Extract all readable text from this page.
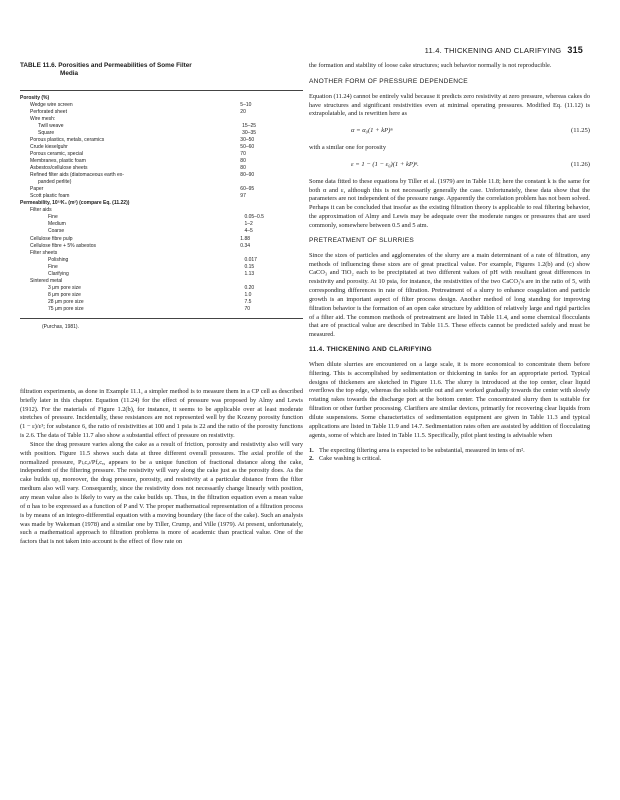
11.4. THICKENING AND CLARIFYING 315
TABLE 11.6. Porosities and Permeabilities of Some Filter
Media
Porosity (%)
Wedge wire screen	5–10
Perforated sheet	20
Wire mesh:
Twill weave	15–25
Square	30–35
Porous plastics, metals, ceramics	30–50
Crude kieselguhr	50–60
Porous ceramic, special	70
Membranes, plastic foam	80
Asbestos/cellulose sheets	80
Refined filter aids (diatomaceous earth ex-	80–90
panded perlite)
Paper	60–95
Scott plastic foam	97
Permeability, 10¹²K₀ (m²) (compare Eq. (11.22))
Filter aids
Fine	0.05–0.5
Medium	1–2
Coarse	4–5
Cellulose fibre pulp	1.88
Cellulose fibre + 5% asbestos	0.34
Filter sheets
Polishing	0.017
Fine	0.15
Clarifying	1.13
Sintered metal
3 μm pore size	0.20
8 μm pore size	1.0
28 μm pore size	7.5
75 μm pore size	70
(Purchas, 1981).

filtration experiments, as done in Example 11.1, a simpler method is to measure them in a CP cell as described briefly later in this chapter. Equation (11.24) for the effect of pressure was proposed by Almy and Lewis (1912). For the materials of Figure 1.2(b), for instance, it seems to be applicable over at least moderate stretches of pressure. Incidentally, these resistances are not represented well by the Kozeny porosity function (1 − ε)/ε³; for substance 6, the ratio of resistivities at 100 and 1 psia is 22 and the ratio of the porosity functions is 2.6. The data of Table 11.7 also show a substantial effect of pressure on resistivity.

Since the drag pressure varies along the cake as a result of friction, porosity and resistivity also will vary with position. Figure 11.5 shows such data at three different overall pressures. The axial profile of the normalized pressure, Pₗₒcₐₗ/Pfₐcₑ, appears to be a unique function of fractional distance along the cake, independent of the filtering pressure. The resistivity will vary along the cake just as the porosity does. As the cake builds up, moreover, the drag pressure, porosity, and resistivity at a particular distance from the filter medium also will vary. Consequently, since the resistivity does not necessarily change linearly with position, any mean value also is likely to vary as the cake builds up. Thus, in the filtration equation even a mean value of α has to be expressed as a function of P and V. The proper mathematical representation of a filtration process is by means of an integro-differential equation with a moving boundary (the face of the cake). Such an analysis was made by Wakeman (1978) and a similar one by Tiller, Crump, and Ville (1979). At present, unfortunately, such a mathematical approach to filtration problems is more of academic than practical value. One of the factors that is not taken into account is the effect of flow rate on

the formation and stability of loose cake structures; such behavior normally is not reproducible.

ANOTHER FORM OF PRESSURE DEPENDENCE

Equation (11.24) cannot be entirely valid because it predicts zero resistivity at zero pressure, whereas cakes do have structures and significant resistivities even at minimal operating pressures. Modified Eq. (11.12) is extrapolatable, and is rewritten here as

α = α₀(1 + kP)ⁿ	(11.25)

with a similar one for porosity

ε = 1 − (1 − ε₀)(1 + kP)ⁿ.	(11.26)

Some data fitted to these equations by Tiller et al. (1979) are in Table 11.8; here the constant k is the same for both α and ε, although this is not necessarily generally the case. Unfortunately, these data show that the parameters are not independent of the pressure range. Apparently the correlation problem has not been solved. Perhaps it can be concluded that insofar as the existing filtration theory is applicable to real filtering behavior, the approximation of Almy and Lewis may be adequate over the moderate ranges or pressures that are used commonly, somewhere between 0.5 and 5 atm.

PRETREATMENT OF SLURRIES

Since the sizes of particles and agglomerates of the slurry are a main determinant of a rate of filtration, any methods of influencing these sizes are of great practical value. For example, Figures 1.2(b) and (c) show CaCO₃ and TiO₂ each to be precipitated at two different values of pH with resultant great differences in resistivity and porosity. At 10 psia, for instance, the resistivities of the two CaCO₃'s are in the ratio of 5, with corresponding differences in rate of filtration. Pretreatment of a slurry to enhance coagulation and particle growth is an important aspect of filter process design. Another method of long standing for improving filtration behavior is the formation of an open cake structure by addition of relatively large and rigid particles of a filter aid. The common methods of pretreatment are listed in Table 11.4, and some chemical flocculants that are of practical value are described in Table 11.5. These effects cannot be predicted safely and must be measured.

11.4. THICKENING AND CLARIFYING

When dilute slurries are encountered on a large scale, it is more economical to concentrate them before filtering. This is accomplished by sedimentation or thickening in tanks for an appropriate period. Typical designs of thickeners are sketched in Figure 11.6. The slurry is introduced at the top center, clear liquid overflows the top edge, whereas the solids settle out and are worked gradually towards the center with slowly rotating rakes towards the discharge port at the bottom center. The concentrated slurry then is suitable for filtration or other further processing. Clarifiers are similar devices, primarily for recovering clear liquids from dilute suspensions. Some characteristics of sedimentation equipment are given in Table 11.3 and typical applications are listed in Table 11.9 and 14.7. Sedimentation rates often are assisted by addition of flocculating agents, some of which are listed in Table 11.5. Specifically, pilot plant testing is advisable when

1. The expecting filtering area is expected to be substantial, measured in tens of m².
2. Cake washing is critical.
